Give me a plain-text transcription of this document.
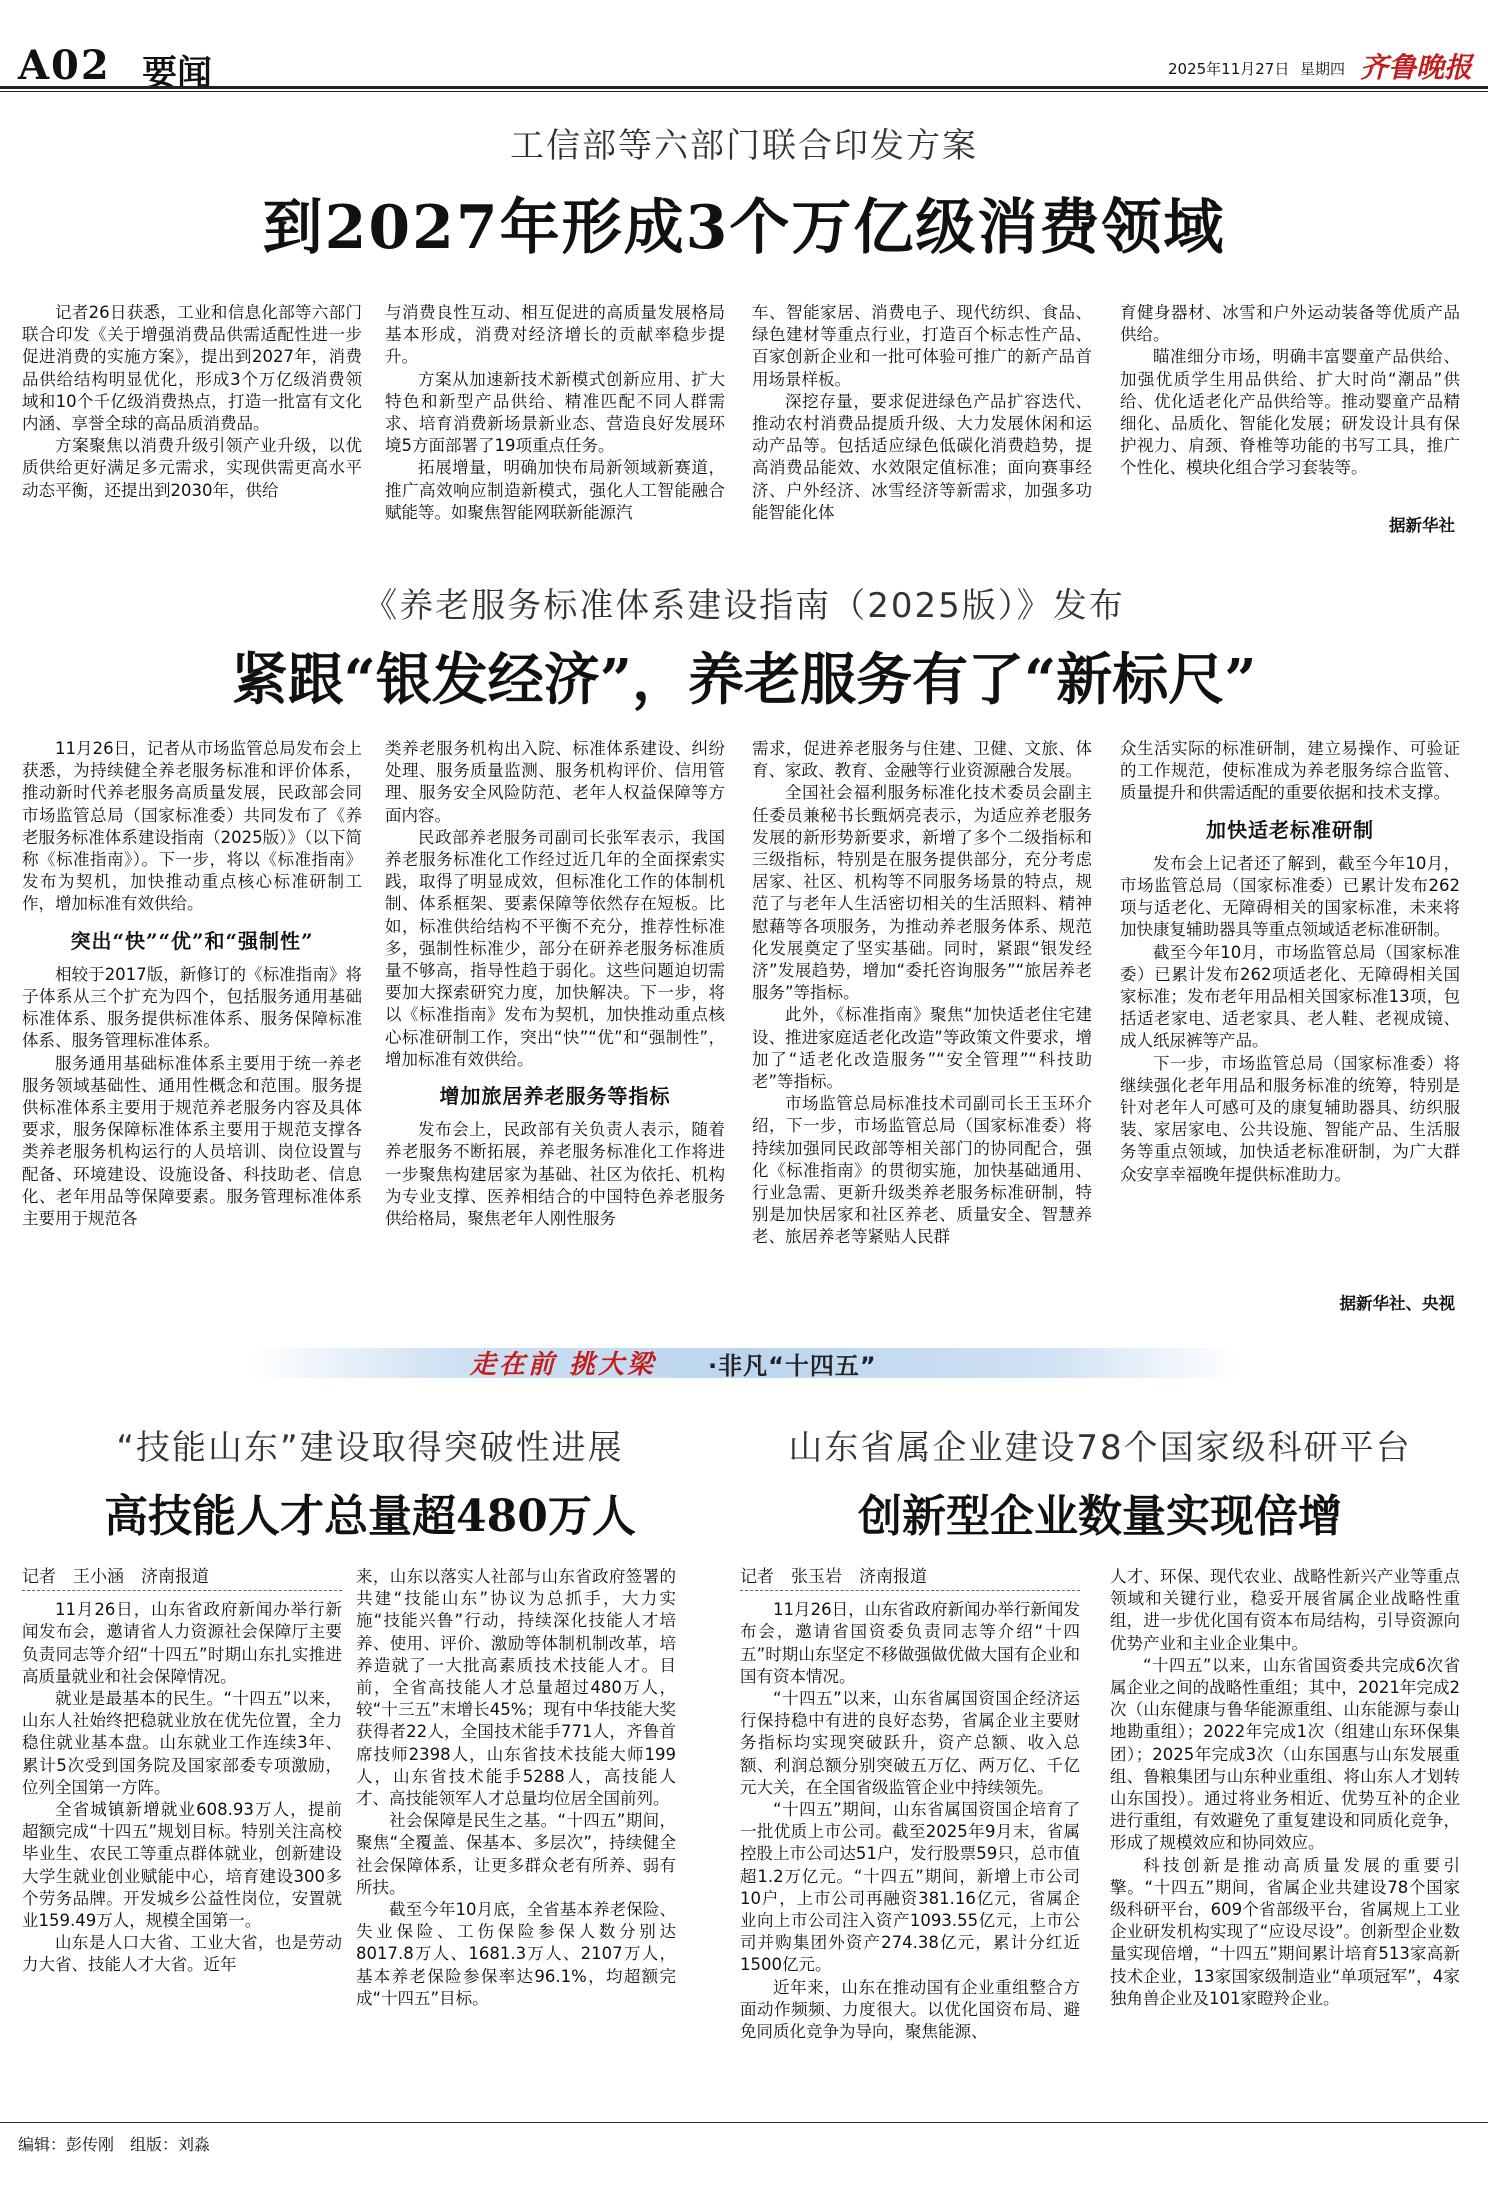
A02 要闻	2025年11月27日 星期四 齐鲁晚报
工信部等六部门联合印发方案
到2027年形成3个万亿级消费领域

记者26日获悉，工业和信息化部等六部门联合印发《关于增强消费品供需适配性进一步促进消费的实施方案》，提出到2027年，消费品供给结构明显优化，形成3个万亿级消费领域和10个千亿级消费热点，打造一批富有文化内涵、享誉全球的高品质消费品。

方案聚焦以消费升级引领产业升级，以优质供给更好满足多元需求，实现供需更高水平动态平衡，还提出到2030年，供给

与消费良性互动、相互促进的高质量发展格局基本形成，消费对经济增长的贡献率稳步提升。

方案从加速新技术新模式创新应用、扩大特色和新型产品供给、精准匹配不同人群需求、培育消费新场景新业态、营造良好发展环境5方面部署了19项重点任务。

拓展增量，明确加快布局新领域新赛道，推广高效响应制造新模式，强化人工智能融合赋能等。如聚焦智能网联新能源汽

车、智能家居、消费电子、现代纺织、食品、绿色建材等重点行业，打造百个标志性产品、百家创新企业和一批可体验可推广的新产品首用场景样板。

深挖存量，要求促进绿色产品扩容迭代、推动农村消费品提质升级、大力发展休闲和运动产品等。包括适应绿色低碳化消费趋势，提高消费品能效、水效限定值标准；面向赛事经济、户外经济、冰雪经济等新需求，加强多功能智能化体

育健身器材、冰雪和户外运动装备等优质产品供给。

瞄准细分市场，明确丰富婴童产品供给、加强优质学生用品供给、扩大时尚“潮品”供给、优化适老化产品供给等。推动婴童产品精细化、品质化、智能化发展；研发设计具有保护视力、肩颈、脊椎等功能的书写工具，推广个性化、模块化组合学习套装等。

据新华社
《养老服务标准体系建设指南（2025版）》发布
紧跟“银发经济”，养老服务有了“新标尺”

11月26日，记者从市场监管总局发布会上获悉，为持续健全养老服务标准和评价体系，推动新时代养老服务高质量发展，民政部会同市场监管总局（国家标准委）共同发布了《养老服务标准体系建设指南（2025版）》（以下简称《标准指南》）。下一步，将以《标准指南》发布为契机，加快推动重点核心标准研制工作，增加标准有效供给。

突出“快”“优”和“强制性”

相较于2017版，新修订的《标准指南》将子体系从三个扩充为四个，包括服务通用基础标准体系、服务提供标准体系、服务保障标准体系、服务管理标准体系。

服务通用基础标准体系主要用于统一养老服务领域基础性、通用性概念和范围。服务提供标准体系主要用于规范养老服务内容及具体要求，服务保障标准体系主要用于规范支撑各类养老服务机构运行的人员培训、岗位设置与配备、环境建设、设施设备、科技助老、信息化、老年用品等保障要素。服务管理标准体系主要用于规范各

类养老服务机构出入院、标准体系建设、纠纷处理、服务质量监测、服务机构评价、信用管理、服务安全风险防范、老年人权益保障等方面内容。

民政部养老服务司副司长张军表示，我国养老服务标准化工作经过近几年的全面探索实践，取得了明显成效，但标准化工作的体制机制、体系框架、要素保障等依然存在短板。比如，标准供给结构不平衡不充分，推荐性标准多，强制性标准少，部分在研养老服务标准质量不够高，指导性趋于弱化。这些问题迫切需要加大探索研究力度，加快解决。下一步，将以《标准指南》发布为契机，加快推动重点核心标准研制工作，突出“快”“优”和“强制性”，增加标准有效供给。

增加旅居养老服务等指标

发布会上，民政部有关负责人表示，随着养老服务不断拓展，养老服务标准化工作将进一步聚焦构建居家为基础、社区为依托、机构为专业支撑、医养相结合的中国特色养老服务供给格局，聚焦老年人刚性服务

需求，促进养老服务与住建、卫健、文旅、体育、家政、教育、金融等行业资源融合发展。

全国社会福利服务标准化技术委员会副主任委员兼秘书长甄炳亮表示，为适应养老服务发展的新形势新要求，新增了多个二级指标和三级指标，特别是在服务提供部分，充分考虑居家、社区、机构等不同服务场景的特点，规范了与老年人生活密切相关的生活照料、精神慰藉等各项服务，为推动养老服务体系、规范化发展奠定了坚实基础。同时，紧跟“银发经济”发展趋势，增加“委托咨询服务”“旅居养老服务”等指标。

此外，《标准指南》聚焦“加快适老住宅建设、推进家庭适老化改造”等政策文件要求，增加了“适老化改造服务”“安全管理”“科技助老”等指标。

市场监管总局标准技术司副司长王玉环介绍，下一步，市场监管总局（国家标准委）将持续加强同民政部等相关部门的协同配合，强化《标准指南》的贯彻实施，加快基础通用、行业急需、更新升级类养老服务标准研制，特别是加快居家和社区养老、质量安全、智慧养老、旅居养老等紧贴人民群

众生活实际的标准研制，建立易操作、可验证的工作规范，使标准成为养老服务综合监管、质量提升和供需适配的重要依据和技术支撑。

加快适老标准研制

发布会上记者还了解到，截至今年10月，市场监管总局（国家标准委）已累计发布262项与适老化、无障碍相关的国家标准，未来将加快康复辅助器具等重点领域适老标准研制。

截至今年10月，市场监管总局（国家标准委）已累计发布262项适老化、无障碍相关国家标准；发布老年用品相关国家标准13项，包括适老家电、适老家具、老人鞋、老视成镜、成人纸尿裤等产品。

下一步，市场监管总局（国家标准委）将继续强化老年用品和服务标准的统筹，特别是针对老年人可感可及的康复辅助器具、纺织服装、家居家电、公共设施、智能产品、生活服务等重点领域，加快适老标准研制，为广大群众安享幸福晚年提供标准助力。

据新华社、央视
走在前 挑大梁 ·非凡“十四五”
“技能山东”建设取得突破性进展
高技能人才总量超480万人
记者　王小涵　济南报道

11月26日，山东省政府新闻办举行新闻发布会，邀请省人力资源社会保障厅主要负责同志等介绍“十四五”时期山东扎实推进高质量就业和社会保障情况。

就业是最基本的民生。“十四五”以来，山东人社始终把稳就业放在优先位置，全力稳住就业基本盘。山东就业工作连续3年、累计5次受到国务院及国家部委专项激励，位列全国第一方阵。

全省城镇新增就业608.93万人，提前超额完成“十四五”规划目标。特别关注高校毕业生、农民工等重点群体就业，创新建设大学生就业创业赋能中心，培育建设300多个劳务品牌。开发城乡公益性岗位，安置就业159.49万人，规模全国第一。

山东是人口大省、工业大省，也是劳动力大省、技能人才大省。近年

来，山东以落实人社部与山东省政府签署的共建“技能山东”协议为总抓手，大力实施“技能兴鲁”行动，持续深化技能人才培养、使用、评价、激励等体制机制改革，培养造就了一大批高素质技术技能人才。目前，全省高技能人才总量超过480万人，较“十三五”末增长45%；现有中华技能大奖获得者22人，全国技术能手771人，齐鲁首席技师2398人，山东省技术技能大师199人，山东省技术能手5288人，高技能人才、高技能领军人才总量均位居全国前列。

社会保障是民生之基。“十四五”期间，聚焦“全覆盖、保基本、多层次”，持续健全社会保障体系，让更多群众老有所养、弱有所扶。

截至今年10月底，全省基本养老保险、失业保险、工伤保险参保人数分别达8017.8万人、1681.3万人、2107万人，基本养老保险参保率达96.1%，均超额完成“十四五”目标。

山东省属企业建设78个国家级科研平台
创新型企业数量实现倍增
记者　张玉岩　济南报道

11月26日，山东省政府新闻办举行新闻发布会，邀请省国资委负责同志等介绍“十四五”时期山东坚定不移做强做优做大国有企业和国有资本情况。

“十四五”以来，山东省属国资国企经济运行保持稳中有进的良好态势，省属企业主要财务指标均实现突破跃升，资产总额、收入总额、利润总额分别突破五万亿、两万亿、千亿元大关，在全国省级监管企业中持续领先。

“十四五”期间，山东省属国资国企培育了一批优质上市公司。截至2025年9月末，省属控股上市公司达51户，发行股票59只，总市值超1.2万亿元。“十四五”期间，新增上市公司10户，上市公司再融资381.16亿元，省属企业向上市公司注入资产1093.55亿元，上市公司并购集团外资产274.38亿元，累计分红近1500亿元。

近年来，山东在推动国有企业重组整合方面动作频频、力度很大。以优化国资布局、避免同质化竞争为导向，聚焦能源、

人才、环保、现代农业、战略性新兴产业等重点领域和关键行业，稳妥开展省属企业战略性重组，进一步优化国有资本布局结构，引导资源向优势产业和主业企业集中。

“十四五”以来，山东省国资委共完成6次省属企业之间的战略性重组；其中，2021年完成2次（山东健康与鲁华能源重组、山东能源与泰山地勘重组）；2022年完成1次（组建山东环保集团）；2025年完成3次（山东国惠与山东发展重组、鲁粮集团与山东种业重组、将山东人才划转山东国投）。通过将业务相近、优势互补的企业进行重组，有效避免了重复建设和同质化竞争，形成了规模效应和协同效应。

科技创新是推动高质量发展的重要引擎。“十四五”期间，省属企业共建设78个国家级科研平台，609个省部级平台，省属规上工业企业研发机构实现了“应设尽设”。创新型企业数量实现倍增，“十四五”期间累计培育513家高新技术企业，13家国家级制造业“单项冠军”，4家独角兽企业及101家瞪羚企业。

编辑：彭传刚　组版：刘淼
